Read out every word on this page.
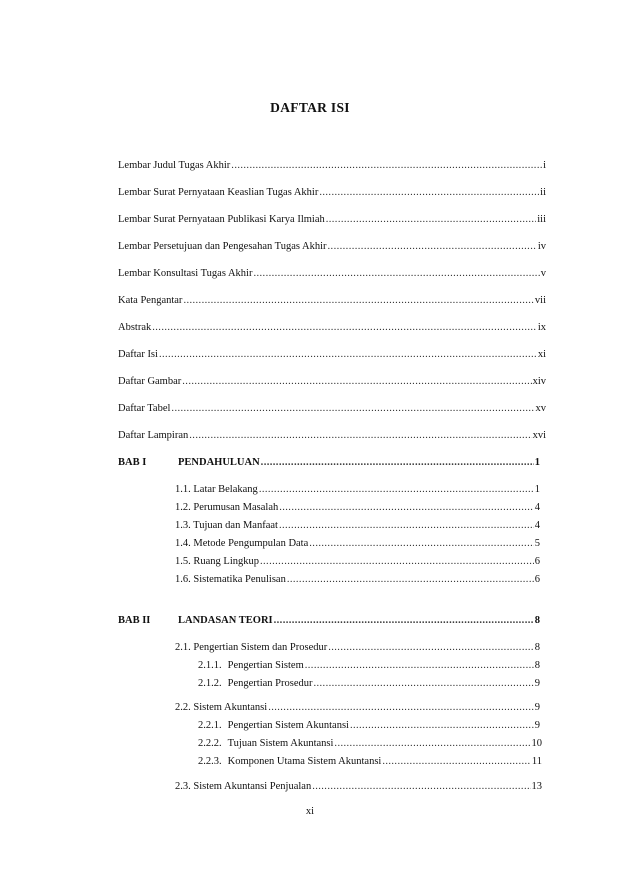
DAFTAR ISI
Lembar Judul Tugas Akhir .....	i
Lembar Surat Pernyataan Keaslian Tugas Akhir .....	ii
Lembar Surat Pernyataan Publikasi Karya Ilmiah .....	iii
Lembar Persetujuan dan Pengesahan Tugas Akhir .....	iv
Lembar Konsultasi Tugas Akhir .....	v
Kata Pengantar .....	vii
Abstrak .....	ix
Daftar Isi .....	xi
Daftar Gambar .....	xiv
Daftar Tabel .....	xv
Daftar Lampiran .....	xvi
BAB I	PENDAHULUAN .....	1
1.1. Latar Belakang .....	1
1.2. Perumusan Masalah .....	4
1.3. Tujuan dan Manfaat .....	4
1.4. Metode Pengumpulan Data .....	5
1.5. Ruang Lingkup .....	6
1.6. Sistematika Penulisan .....	6
BAB II	LANDASAN TEORI .....	8
2.1. Pengertian Sistem dan Prosedur .....	8
2.1.1. Pengertian Sistem .....	8
2.1.2. Pengertian Prosedur .....	9
2.2. Sistem Akuntansi .....	9
2.2.1. Pengertian Sistem Akuntansi .....	9
2.2.2. Tujuan Sistem Akuntansi .....	10
2.2.3. Komponen Utama Sistem Akuntansi .....	11
2.3. Sistem Akuntansi Penjualan .....	13
xi
